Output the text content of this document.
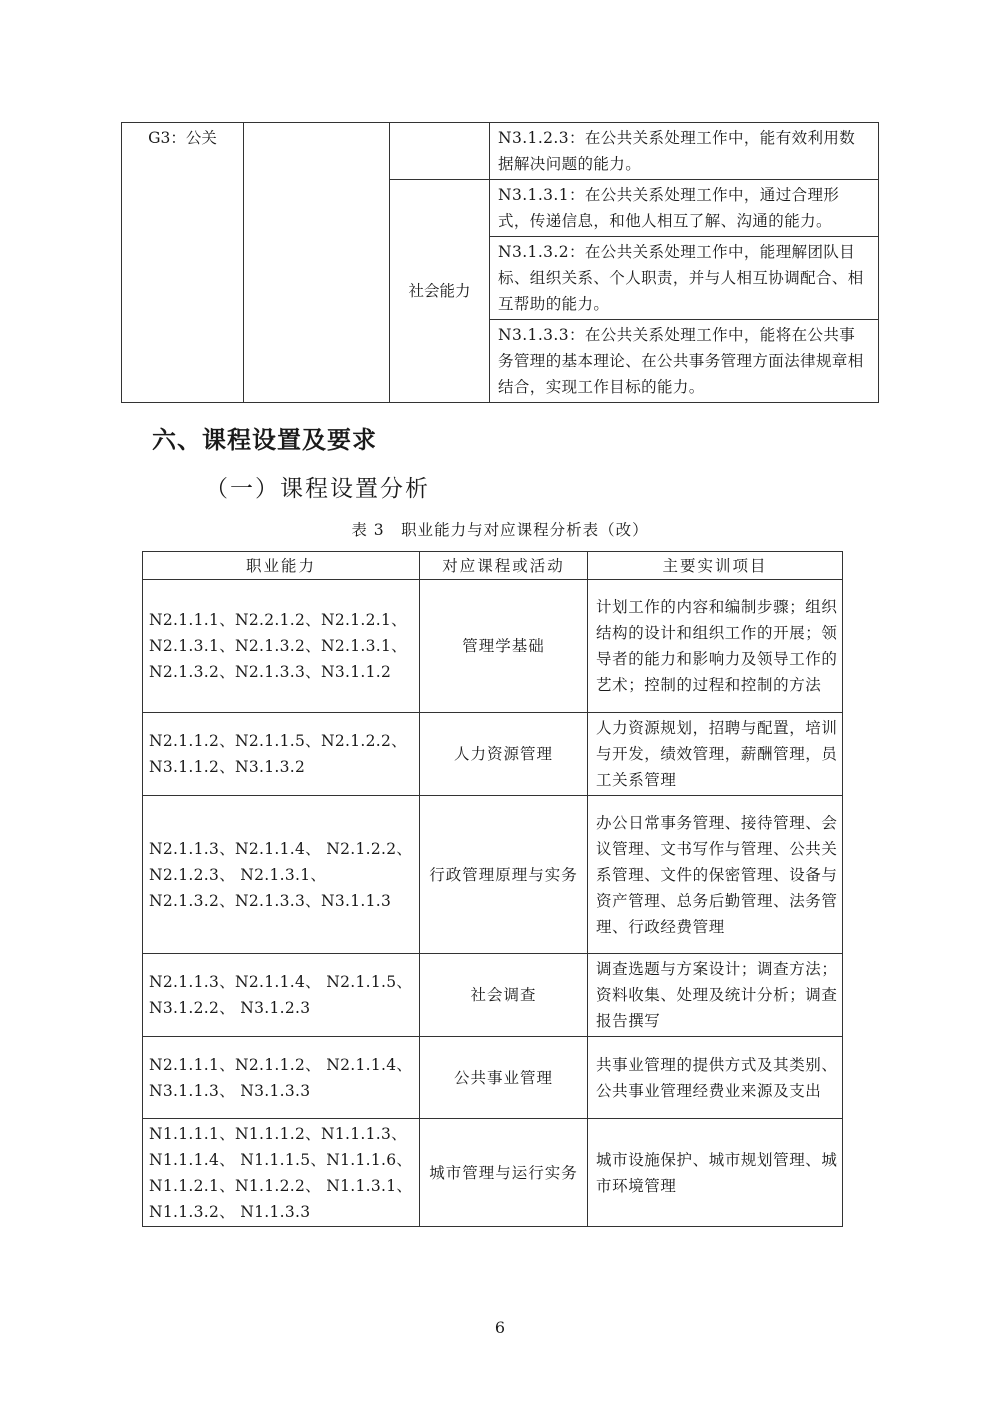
G3：公关			N3.1.2.3：在公共关系处理工作中，能有效利用数据解决问题的能力。
		社会能力	N3.1.3.1：在公共关系处理工作中，通过合理形式，传递信息，和他人相互了解、沟通的能力。
			N3.1.3.2：在公共关系处理工作中，能理解团队目标、组织关系、个人职责，并与人相互协调配合、相互帮助的能力。
			N3.1.3.3：在公共关系处理工作中，能将在公共事务管理的基本理论、在公共事务管理方面法律规章相结合，实现工作目标的能力。
六、课程设置及要求
（一）课程设置分析
表 3　职业能力与对应课程分析表（改）
职业能力	对应课程或活动	主要实训项目
N2.1.1.1、N2.2.1.2、N2.1.2.1、N2.1.3.1、N2.1.3.2、N2.1.3.1、N2.1.3.2、N2.1.3.3、N3.1.1.2	管理学基础	计划工作的内容和编制步骤；组织结构的设计和组织工作的开展；领导者的能力和影响力及领导工作的艺术；控制的过程和控制的方法
N2.1.1.2、N2.1.1.5、N2.1.2.2、N3.1.1.2、N3.1.3.2	人力资源管理	人力资源规划，招聘与配置，培训与开发，绩效管理，薪酬管理，员工关系管理
N2.1.1.3、N2.1.1.4、 N2.1.2.2、N2.1.2.3、 N2.1.3.1、 N2.1.3.2、N2.1.3.3、N3.1.1.3	行政管理原理与实务	办公日常事务管理、接待管理、会议管理、文书写作与管理、公共关系管理、文件的保密管理、设备与资产管理、总务后勤管理、法务管理、行政经费管理
N2.1.1.3、N2.1.1.4、 N2.1.1.5、N3.1.2.2、 N3.1.2.3	社会调查	调查选题与方案设计；调查方法；资料收集、处理及统计分析；调查报告撰写
N2.1.1.1、N2.1.1.2、 N2.1.1.4、N3.1.1.3、 N3.1.3.3	公共事业管理	共事业管理的提供方式及其类别、公共事业管理经费业来源及支出
N1.1.1.1、N1.1.1.2、N1.1.1.3、N1.1.1.4、 N1.1.1.5、N1.1.1.6、N1.1.2.1、N1.1.2.2、 N1.1.3.1、N1.1.3.2、 N1.1.3.3	城市管理与运行实务	城市设施保护、城市规划管理、城市环境管理
6
